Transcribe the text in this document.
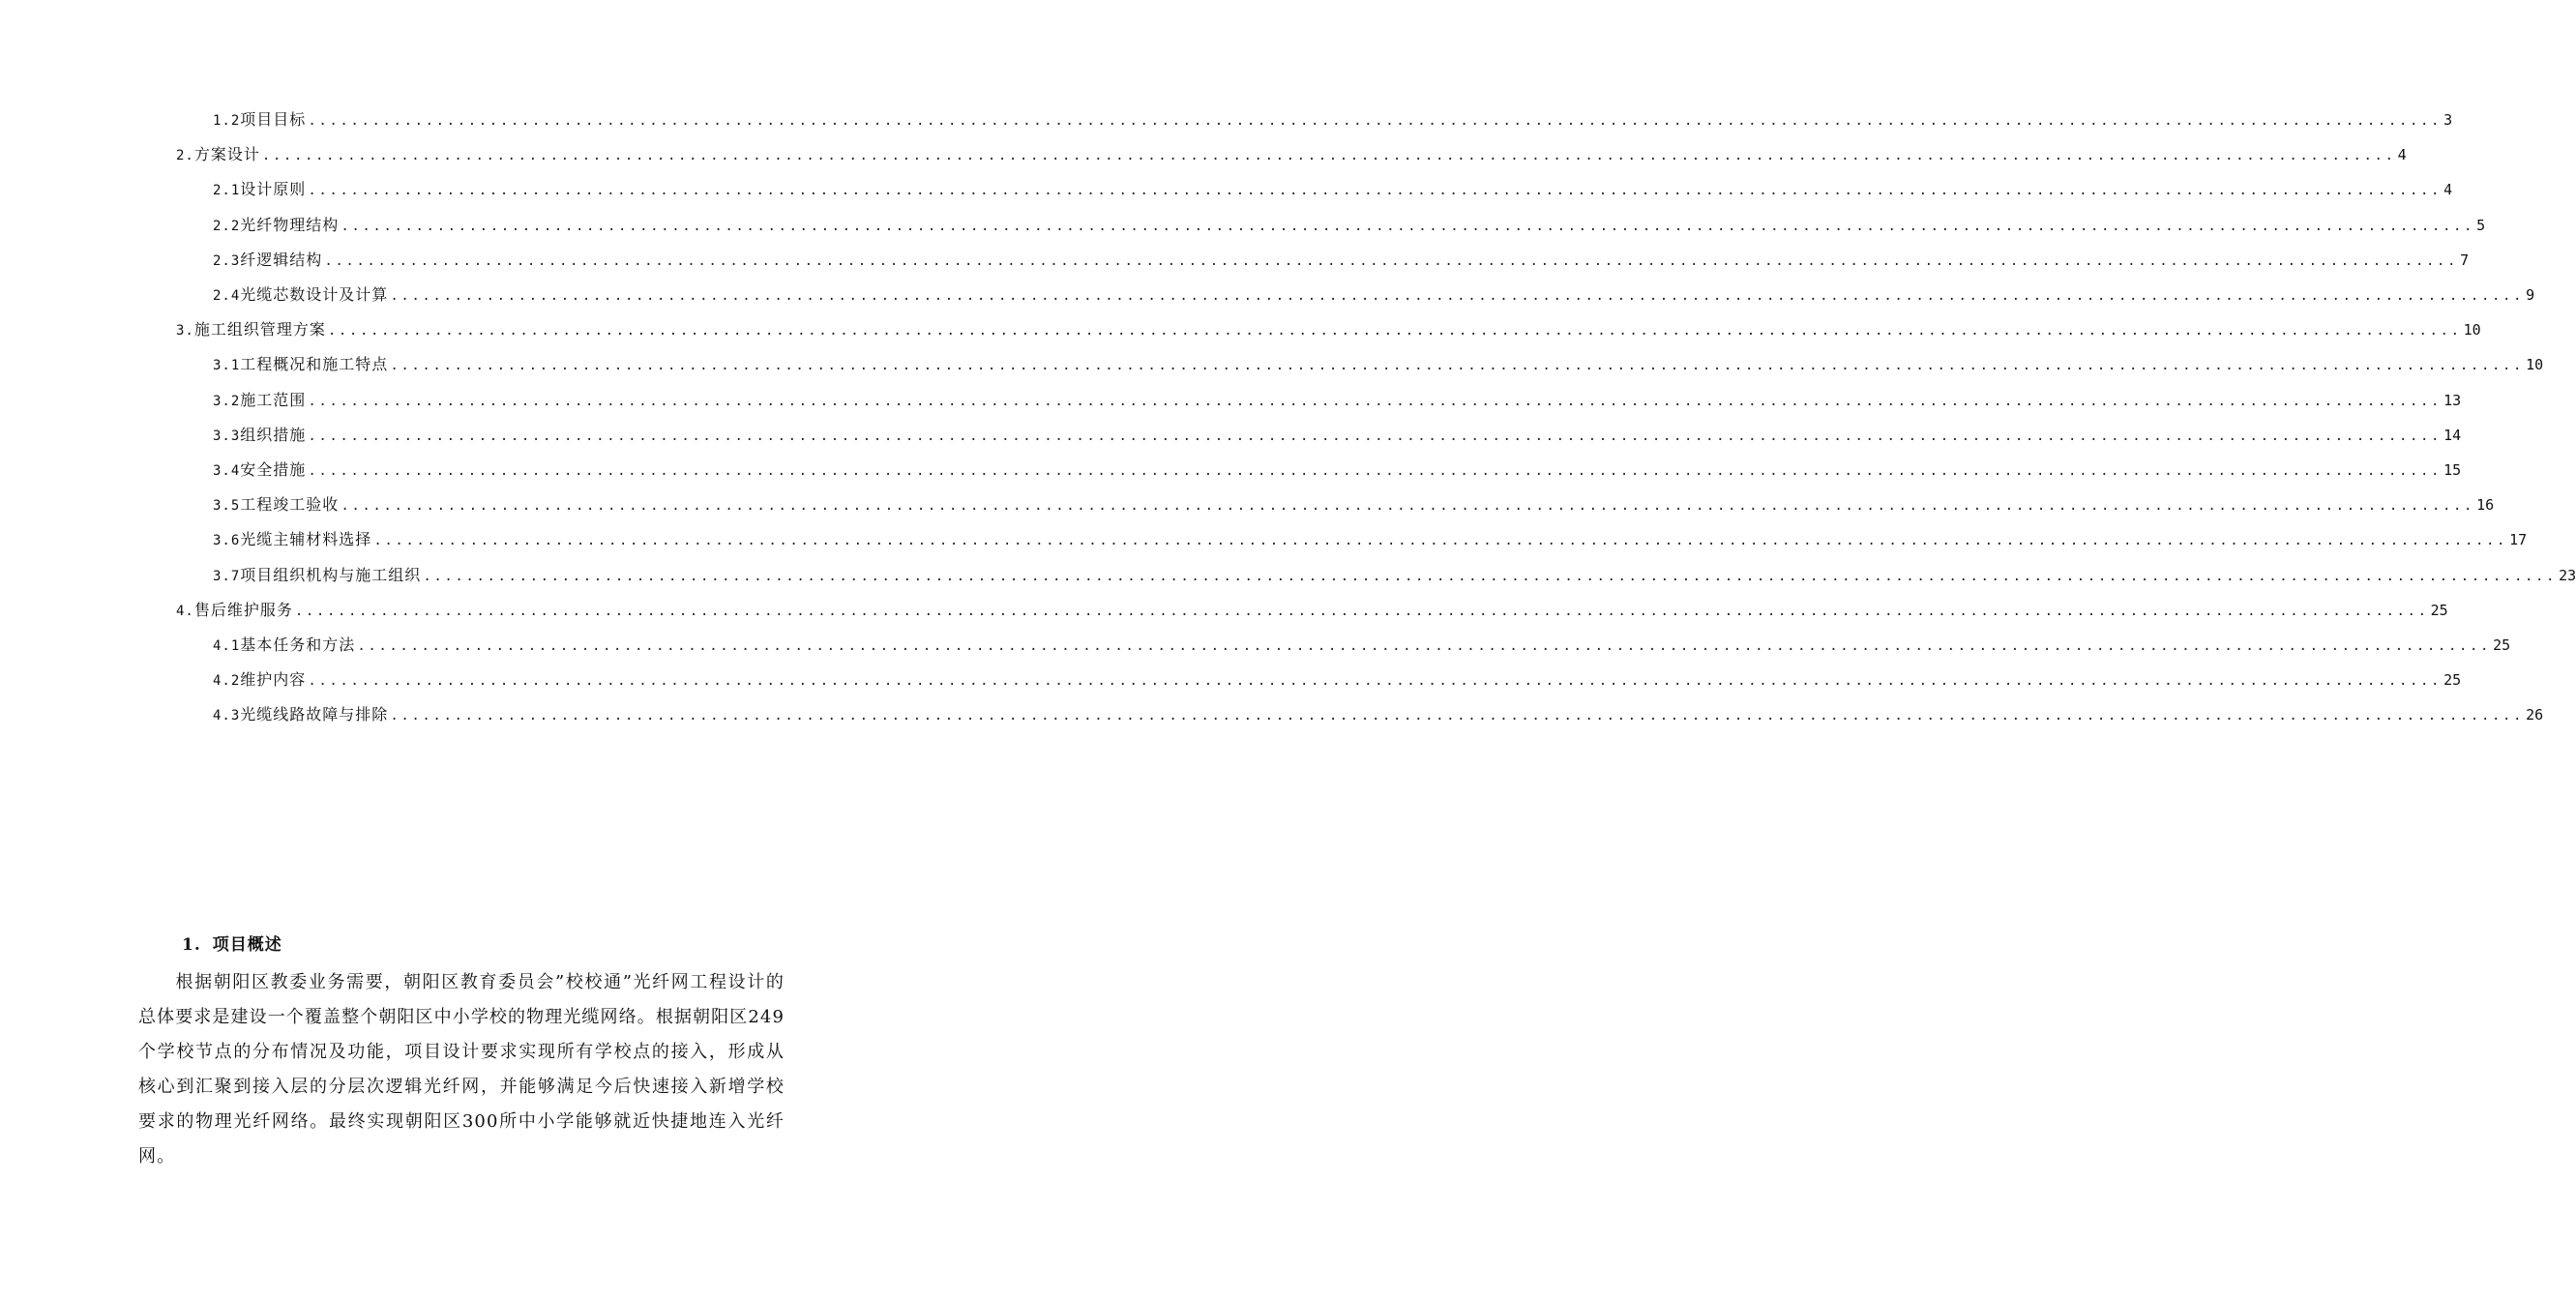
1.2 项目目标 ........................................................................................................................................................................................................ 3
2. 方案设计 ........................................................................................................................................................................................................ 4
2.1 设计原则 ........................................................................................................................................................................................................ 4
2.2 光纤物理结构 ........................................................................................................................................................................................................ 5
2.3 纤逻辑结构 ........................................................................................................................................................................................................ 7
2.4 光缆芯数设计及计算 ........................................................................................................................................................................................................ 9
3. 施工组织管理方案 ........................................................................................................................................................................................................ 10
3.1 工程概况和施工特点 ........................................................................................................................................................................................................ 10
3.2 施工范围 ........................................................................................................................................................................................................ 13
3.3 组织措施 ........................................................................................................................................................................................................ 14
3.4 安全措施 ........................................................................................................................................................................................................ 15
3.5 工程竣工验收 ........................................................................................................................................................................................................ 16
3.6 光缆主辅材料选择 ........................................................................................................................................................................................................ 17
3.7 项目组织机构与施工组织 ........................................................................................................................................................................................................ 23
4. 售后维护服务 ........................................................................................................................................................................................................ 25
4.1 基本任务和方法 ........................................................................................................................................................................................................ 25
4.2 维护内容 ........................................................................................................................................................................................................ 25
4.3 光缆线路故障与排除 ........................................................................................................................................................................................................ 26
1. 项目概述
根据朝阳区教委业务需要，朝阳区教育委员会”校校通”光纤网工程设计的总体要求是建设一个覆盖整个朝阳区中小学校的物理光缆网络。根据朝阳区249个学校节点的分布情况及功能，项目设计要求实现所有学校点的接入，形成从核心到汇聚到接入层的分层次逻辑光纤网，并能够满足今后快速接入新增学校要求的物理光纤网络。最终实现朝阳区300所中小学能够就近快捷地连入光纤网。
